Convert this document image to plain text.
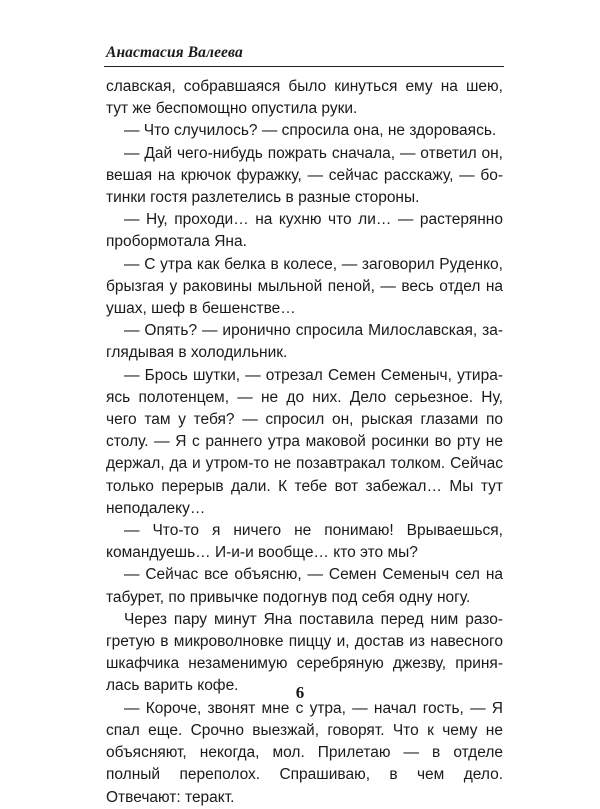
Анастасия Валеева

славская, собравшаяся было кинуться ему на шею, тут же беспомощно опустила руки.

— Что случилось? — спросила она, не здороваясь.

— Дай чего-нибудь пожрать сначала, — ответил он, вешая на крючок фуражку, — сейчас расскажу, — ботинки гостя разлетелись в разные стороны.

— Ну, проходи… на кухню что ли… — растерянно пробормотала Яна.

— С утра как белка в колесе, — заговорил Руденко, брызгая у раковины мыльной пеной, — весь отдел на ушах, шеф в бешенстве…

— Опять? — иронично спросила Милославская, заглядывая в холодильник.

— Брось шутки, — отрезал Семен Семеныч, утираясь полотенцем, — не до них. Дело серьезное. Ну, чего там у тебя? — спросил он, рыская глазами по столу. — Я с раннего утра маковой росинки во рту не держал, да и утром-то не позавтракал толком. Сейчас только перерыв дали. К тебе вот забежал… Мы тут неподалеку…

— Что-то я ничего не понимаю! Врываешься, командуешь… И-и-и вообще… кто это мы?

— Сейчас все объясню, — Семен Семеныч сел на табурет, по привычке подогнув под себя одну ногу.

Через пару минут Яна поставила перед ним разогретую в микроволновке пиццу и, достав из навесного шкафчика незаменимую серебряную джезву, принялась варить кофе.

— Короче, звонят мне с утра, — начал гость, — Я спал еще. Срочно выезжай, говорят. Что к чему не объясняют, некогда, мол. Прилетаю — в отделе полный переполох. Спрашиваю, в чем дело. Отвечают: теракт.

6
